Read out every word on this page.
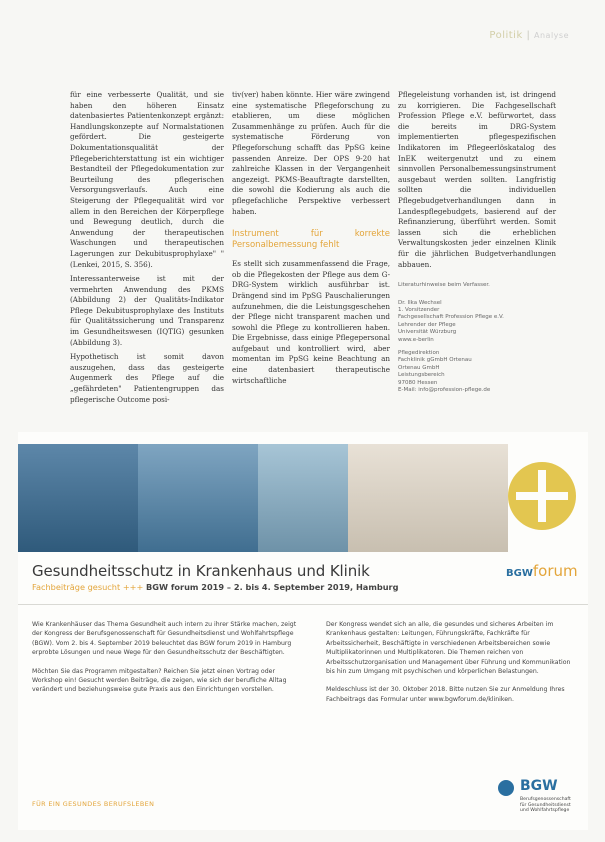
Politik | Analyse

für eine verbesserte Qualität, und sie haben den höheren Einsatz datenbasiertes Patientenkonzept ergänzt: Handlungskonzepte auf Normalstationen gefördert. Die gesteigerte Dokumentationsqualität der Pflegeberichterstattung ist ein wichtiger Bestandteil der Pflegedokumentation zur Beurteilung des pflegerischen Versorgungsverlaufs. Auch eine Steigerung der Pflegequalität wird vor allem in den Bereichen der Körperpflege und Bewegung deutlich, durch die Anwendung der therapeutischen Waschungen und therapeutischen Lagerungen zur Dekubitusprophylaxe" " (Lenkei, 2015, S. 356).

Interessanterweise ist mit der vermehrten Anwendung des PKMS (Abbildung 2) der Qualitäts-Indikator Pflege Dekubitusprophylaxe des Instituts für Qualitätssicherung und Transparenz im Gesundheitswesen (IQTIG) gesunken (Abbildung 3).

Hypothetisch ist somit davon auszugehen, dass das gesteigerte Augenmerk des Pflege auf die „gefährdeten" Patientengruppen das pflegerische Outcome posi-

tiv(ver) haben könnte. Hier wäre zwingend eine systematische Pflegeforschung zu etablieren, um diese möglichen Zusammenhänge zu prüfen. Auch für die systematische Förderung von Pflegeforschung schafft das PpSG keine passenden Anreize. Der OPS 9-20 hat zahlreiche Klassen in der Vergangenheit angezeigt. PKMS-Beauftragte darstellten, die sowohl die Kodierung als auch die pflegefachliche Perspektive verbessert haben.

Instrument für korrekte Personalbemessung fehlt

Es stellt sich zusammenfassend die Frage, ob die Pflegekosten der Pflege aus dem G-DRG-System wirklich ausführbar ist. Drängend sind im PpSG Pauschalierungen aufzunehmen, die die Leistungsgeschehen der Pflege nicht transparent machen und sowohl die Pflege zu kontrollieren haben. Die Ergebnisse, dass einige Pflegepersonal aufgebaut und kontrolliert wird, aber momentan im PpSG keine Beachtung an eine datenbasiert therapeutische wirtschaftliche

Pflegeleistung vorhanden ist, ist dringend zu korrigieren. Die Fachgesellschaft Profession Pflege e.V. befürwortet, dass die bereits im DRG-System implementierten pflegespezifischen Indikatoren im Pflegeerlöskatalog des InEK weitergenutzt und zu einem sinnvollen Personalbemessungsinstrument ausgebaut werden sollten. Langfristig sollten die individuellen Pflegebudgetverhandlungen dann in Landespflegebudgets, basierend auf der Refinanzierung, überführt werden. Somit lassen sich die erheblichen Verwaltungskosten jeder einzelnen Klinik für die jährlichen Budgetverhandlungen abbauen.

Literaturhinweise beim Verfasser.
Dr. Ilka Wechsel
1. Vorsitzender
Fachgesellschaft Profession Pflege e.V.
Lehrender der Pflege
Universität Würzburg
www.e-berlin
Pflegedirektion
Fachklinik gGmbH Ortenau
Ortenau GmbH
Leistungsbereich
97080 Hessen
E-Mail: info@profession-pflege.de
Gesundheitsschutz in Krankenhaus und Klinik	BGWforum
Fachbeiträge gesucht +++ BGW forum 2019 – 2. bis 4. September 2019, Hamburg

Wie Krankenhäuser das Thema Gesundheit auch intern zu ihrer Stärke machen, zeigt der Kongress der Berufsgenossenschaft für Gesundheitsdienst und Wohlfahrtspflege (BGW). Vom 2. bis 4. September 2019 beleuchtet das BGW forum 2019 in Hamburg erprobte Lösungen und neue Wege für den Gesundheitsschutz der Beschäftigten.

Möchten Sie das Programm mitgestalten? Reichen Sie jetzt einen Vortrag oder Workshop ein! Gesucht werden Beiträge, die zeigen, wie sich der berufliche Alltag verändert und beziehungsweise gute Praxis aus den Einrichtungen vorstellen.

Der Kongress wendet sich an alle, die gesundes und sicheres Arbeiten im Krankenhaus gestalten: Leitungen, Führungskräfte, Fachkräfte für Arbeitssicherheit, Beschäftigte in verschiedenen Arbeitsbereichen sowie Multiplikatorinnen und Multiplikatoren. Die Themen reichen von Arbeitsschutzorganisation und Management über Führung und Kommunikation bis hin zum Umgang mit psychischen und körperlichen Belastungen.

Meldeschluss ist der 30. Oktober 2018. Bitte nutzen Sie zur Anmeldung Ihres Fachbeitrags das Formular unter www.bgwforum.de/kliniken.

FÜR EIN GESUNDES BERUFSLEBEN
BGW
Berufsgenossenschaft
für Gesundheitsdienst
und Wohlfahrtspflege
